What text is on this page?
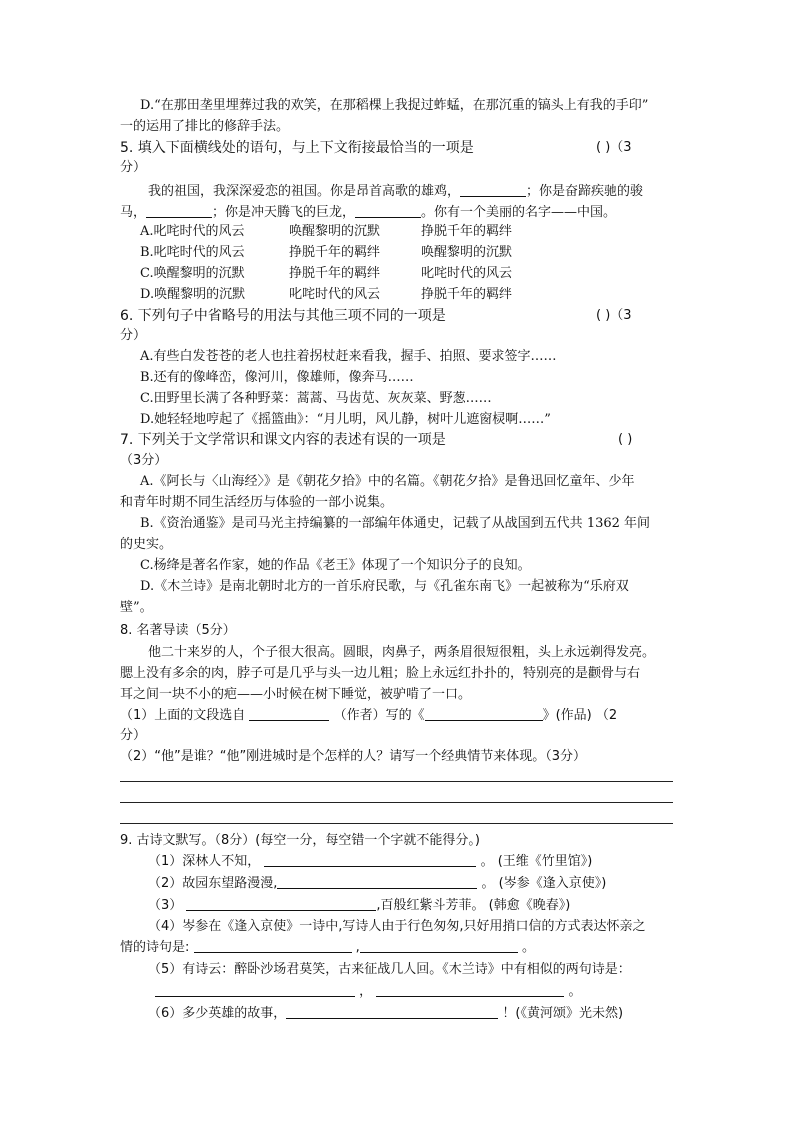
D.“在那田垄里埋葬过我的欢笑，在那稻棵上我捉过蚱蜢，在那沉重的镐头上有我的手印”
一的运用了排比的修辞手法。
5. 填入下面横线处的语句，与上下文衔接最恰当的一项是	( )（3
分）
我的祖国，我深深爱恋的祖国。你是昂首高歌的雄鸡，	；你是奋蹄疾驰的骏
马，	；你是冲天腾飞的巨龙，	。你有一个美丽的名字——中国。
A.叱咤时代的风云	唤醒黎明的沉默	挣脱千年的羁绊
B.叱咤时代的风云	挣脱千年的羁绊	唤醒黎明的沉默
C.唤醒黎明的沉默	挣脱千年的羁绊	叱咤时代的风云
D.唤醒黎明的沉默	叱咤时代的风云	挣脱千年的羁绊
6. 下列句子中省略号的用法与其他三项不同的一项是	( )（3
分）
A.有些白发苍苍的老人也拄着拐杖赶来看我，握手、拍照、要求签字……
B.还有的像峰峦，像河川，像雄师，像奔马……
C.田野里长满了各种野菜：蒿蒿、马齿苋、灰灰菜、野葱……
D.她轻轻地哼起了《摇篮曲》：“月儿明，风儿静，树叶儿遮窗棂啊……”
7. 下列关于文学常识和课文内容的表述有误的一项是	( )
（3分）
A.《阿长与〈山海经〉》是《朝花夕拾》中的名篇。《朝花夕拾》是鲁迅回忆童年、少年
和青年时期不同生活经历与体验的一部小说集。
B.《资治通鉴》是司马光主持编纂的一部编年体通史，记载了从战国到五代共 1362 年间
的史实。
C.杨绛是著名作家，她的作品《老王》体现了一个知识分子的良知。
D.《木兰诗》是南北朝时北方的一首乐府民歌，与《孔雀东南飞》一起被称为“乐府双
壁”。
8. 名著导读（5分）
他二十来岁的人，个子很大很高。圆眼，肉鼻子，两条眉很短很粗，头上永远剃得发亮。
腮上没有多余的肉，脖子可是几乎与头一边儿粗；脸上永远红扑扑的，特别亮的是颧骨与右
耳之间一块不小的疤——小时候在树下睡觉，被驴啃了一口。
（1）上面的文段选自	（作者）写的《	》(作品) （2
分）
（2）“他”是谁？“他”刚进城时是个怎样的人？请写一个经典情节来体现。（3分）
9. 古诗文默写。（8分）(每空一分，每空错一个字就不能得分。)
（1）深林人不知，	。 (王维《竹里馆》)
（2）故园东望路漫漫,	。 (岑参《逢入京使》)
（3）	,百般红紫斗芳菲。 (韩愈《晚春》)
（4）岑参在《逢入京使》一诗中,写诗人由于行色匆匆,只好用捎口信的方式表达怀亲之
情的诗句是:	,	。
（5）有诗云：醉卧沙场君莫笑，古来征战几人回。《木兰诗》中有相似的两句诗是：
，	。
（6）多少英雄的故事，	！(《黄河颂》光未然)
